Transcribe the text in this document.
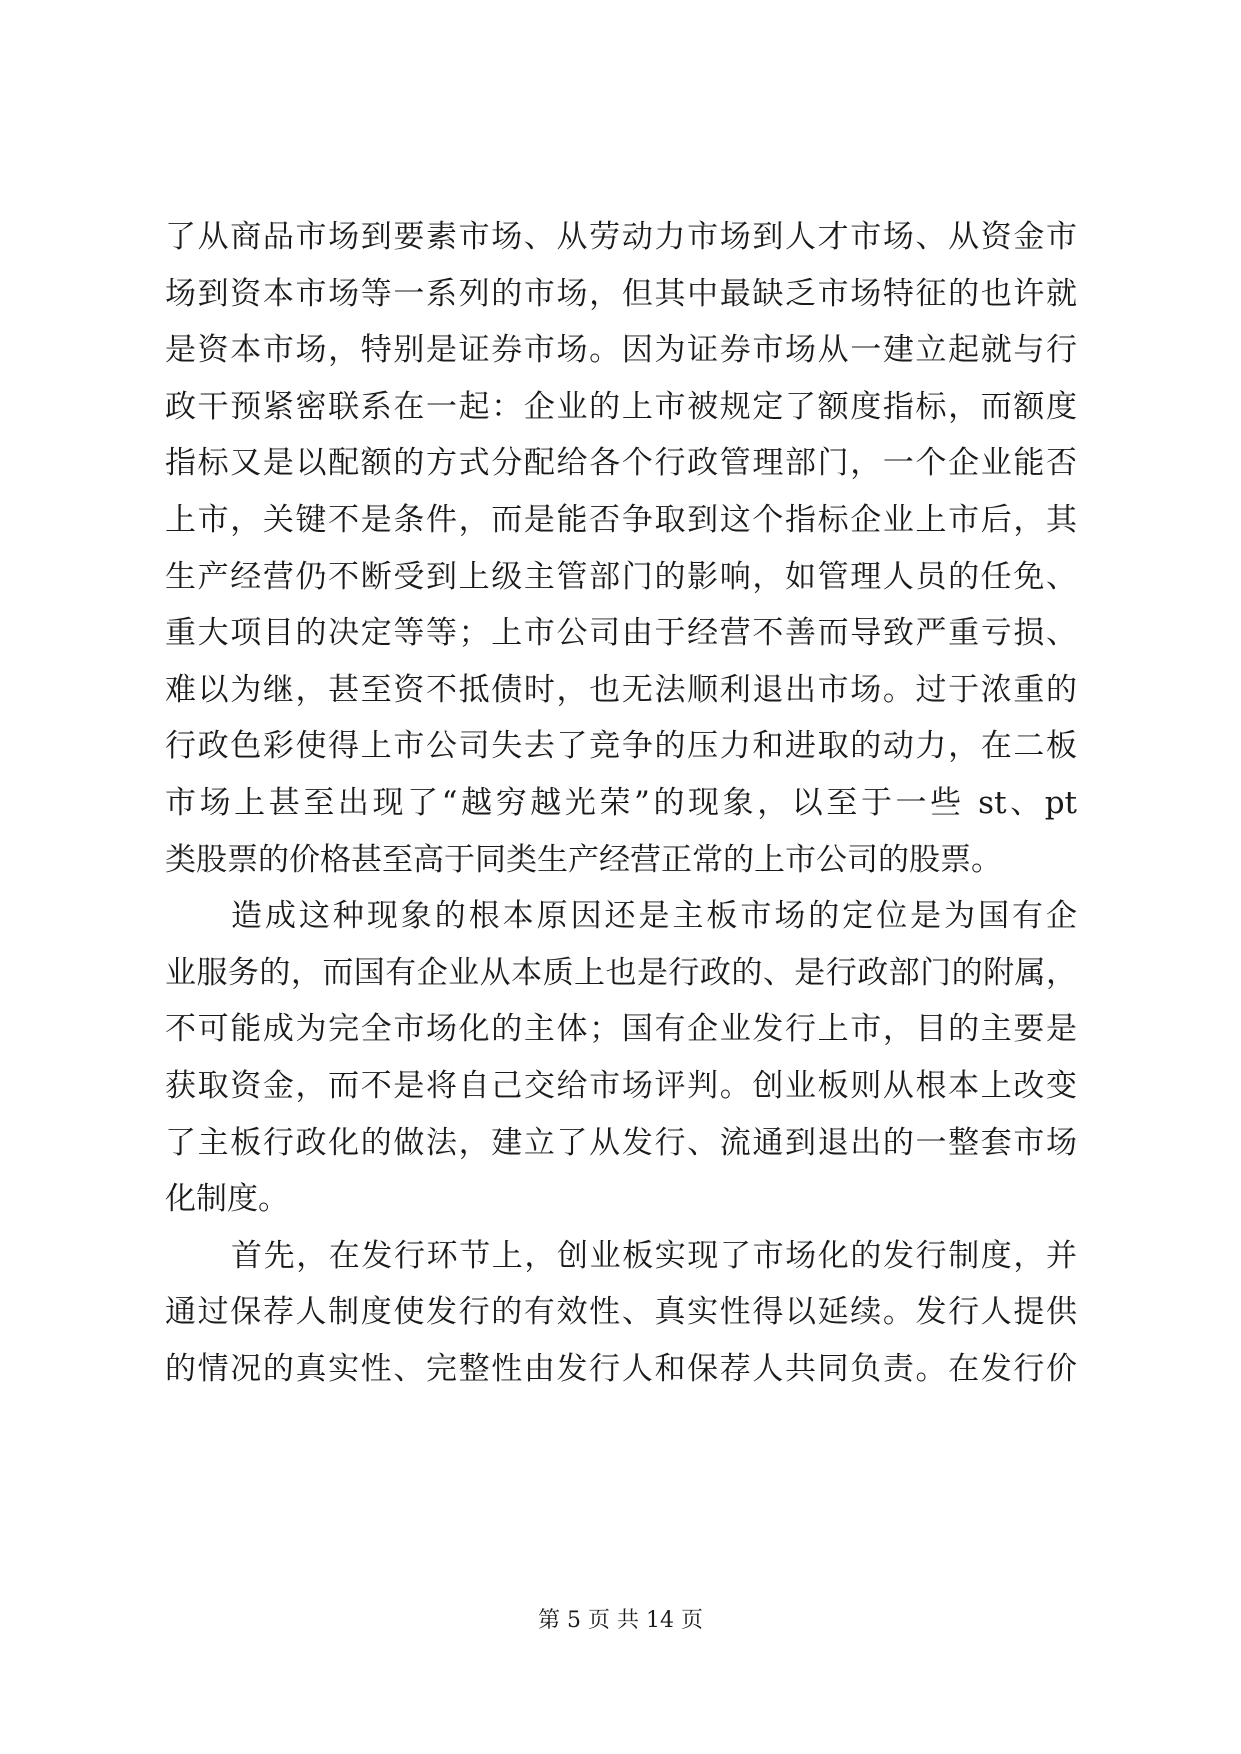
了从商品市场到要素市场、从劳动力市场到人才市场、从资金市
场到资本市场等一系列的市场，但其中最缺乏市场特征的也许就
是资本市场，特别是证券市场。因为证券市场从一建立起就与行
政干预紧密联系在一起：企业的上市被规定了额度指标，而额度
指标又是以配额的方式分配给各个行政管理部门，一个企业能否
上市，关键不是条件，而是能否争取到这个指标企业上市后，其
生产经营仍不断受到上级主管部门的影响，如管理人员的任免、
重大项目的决定等等；上市公司由于经营不善而导致严重亏损、
难以为继，甚至资不抵债时，也无法顺利退出市场。过于浓重的
行政色彩使得上市公司失去了竞争的压力和进取的动力，在二板
市场上甚至出现了“越穷越光荣”的现象，以至于一些 st、pt
类股票的价格甚至高于同类生产经营正常的上市公司的股票。
造成这种现象的根本原因还是主板市场的定位是为国有企
业服务的，而国有企业从本质上也是行政的、是行政部门的附属，
不可能成为完全市场化的主体；国有企业发行上市，目的主要是
获取资金，而不是将自己交给市场评判。创业板则从根本上改变
了主板行政化的做法，建立了从发行、流通到退出的一整套市场
化制度。
首先，在发行环节上，创业板实现了市场化的发行制度，并
通过保荐人制度使发行的有效性、真实性得以延续。发行人提供
的情况的真实性、完整性由发行人和保荐人共同负责。在发行价
第 5 页 共 14 页
